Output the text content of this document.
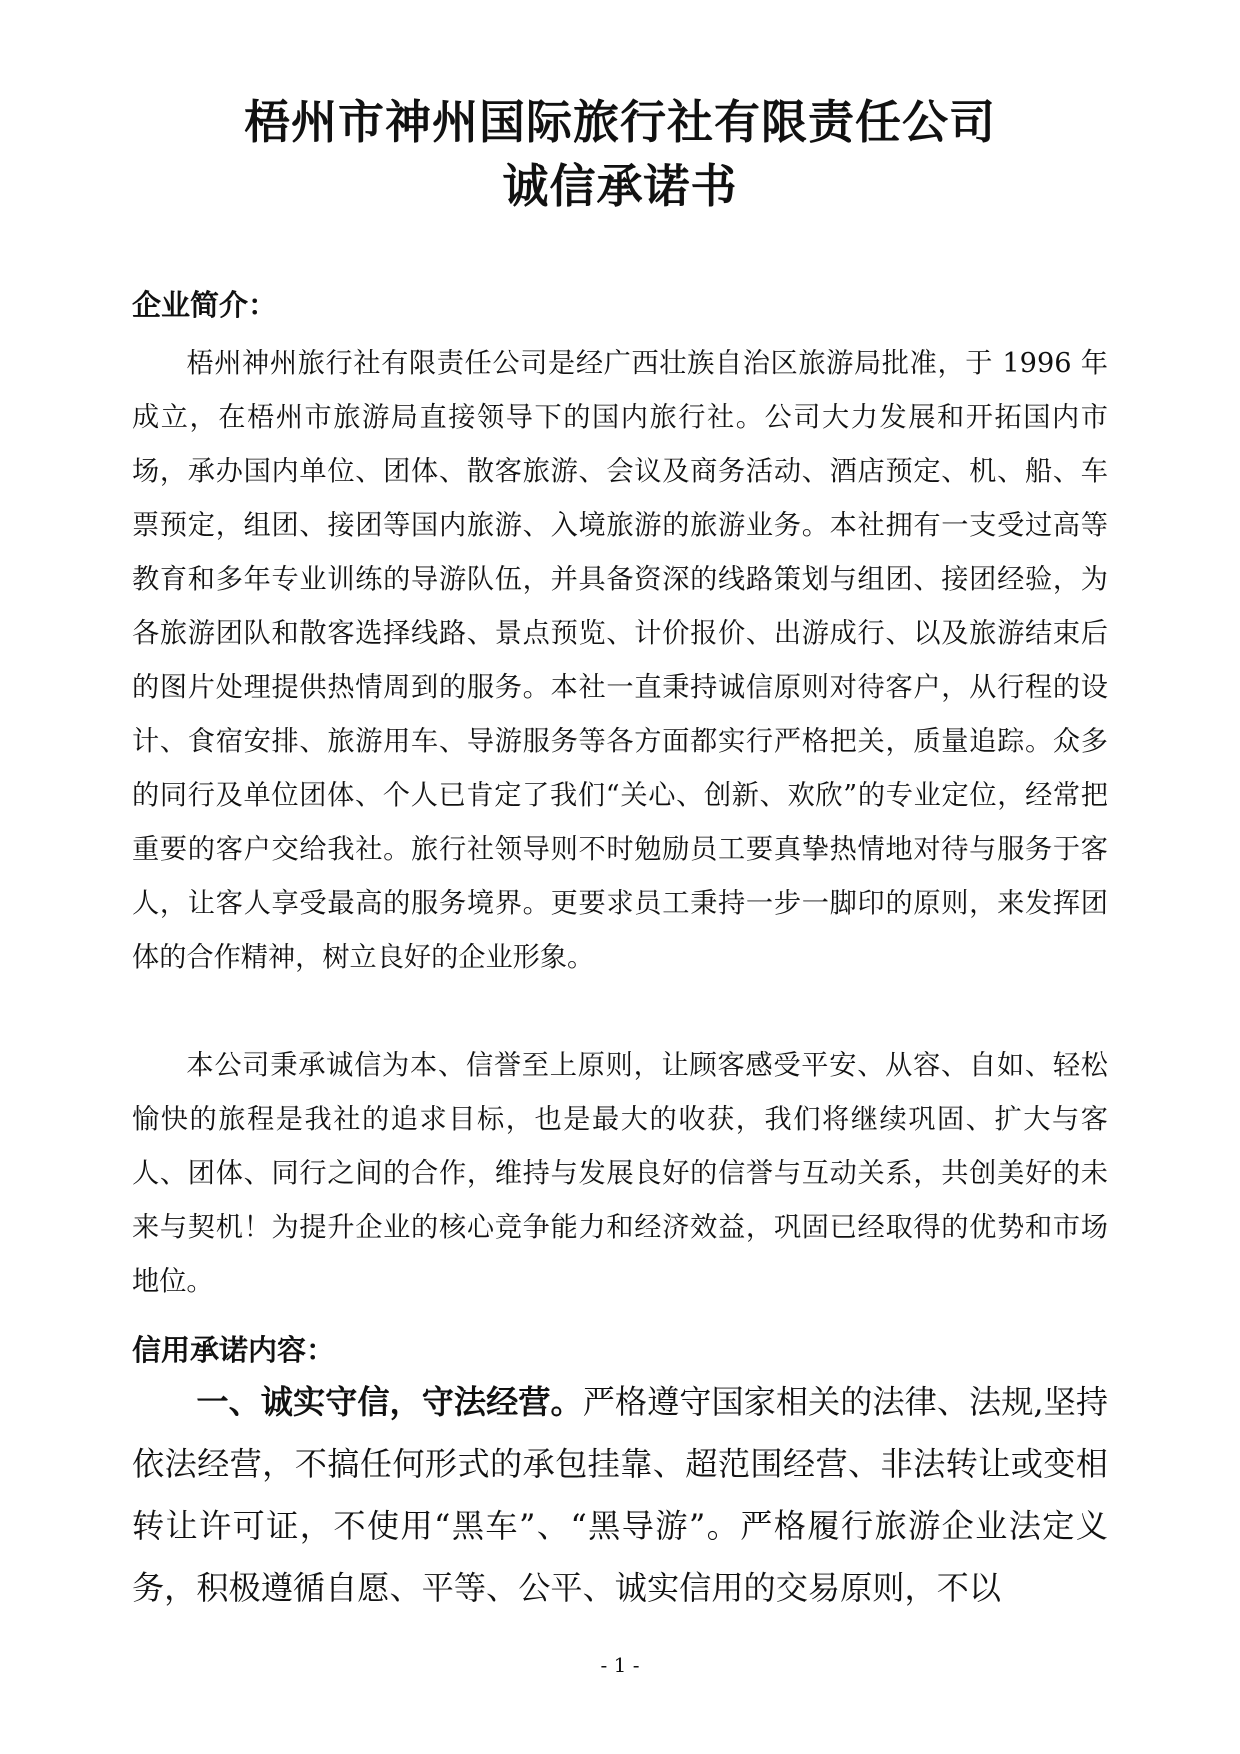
梧州市神州国际旅行社有限责任公司
诚信承诺书
企业简介：

梧州神州旅行社有限责任公司是经广西壮族自治区旅游局批准，于 1996 年成立，在梧州市旅游局直接领导下的国内旅行社。公司大力发展和开拓国内市场，承办国内单位、团体、散客旅游、会议及商务活动、酒店预定、机、船、车票预定，组团、接团等国内旅游、入境旅游的旅游业务。本社拥有一支受过高等教育和多年专业训练的导游队伍，并具备资深的线路策划与组团、接团经验，为各旅游团队和散客选择线路、景点预览、计价报价、出游成行、以及旅游结束后的图片处理提供热情周到的服务。本社一直秉持诚信原则对待客户，从行程的设计、食宿安排、旅游用车、导游服务等各方面都实行严格把关，质量追踪。众多的同行及单位团体、个人已肯定了我们“关心、创新、欢欣”的专业定位，经常把重要的客户交给我社。旅行社领导则不时勉励员工要真挚热情地对待与服务于客人，让客人享受最高的服务境界。更要求员工秉持一步一脚印的原则，来发挥团体的合作精神，树立良好的企业形象。

本公司秉承诚信为本、信誉至上原则，让顾客感受平安、从容、自如、轻松愉快的旅程是我社的追求目标，也是最大的收获，我们将继续巩固、扩大与客人、团体、同行之间的合作，维持与发展良好的信誉与互动关系，共创美好的未来与契机！为提升企业的核心竞争能力和经济效益，巩固已经取得的优势和市场地位。

信用承诺内容：

一、诚实守信，守法经营。严格遵守国家相关的法律、法规,坚持依法经营，不搞任何形式的承包挂靠、超范围经营、非法转让或变相转让许可证，不使用“黑车”、“黑导游”。严格履行旅游企业法定义务，积极遵循自愿、平等、公平、诚实信用的交易原则，不以

- 1 -
